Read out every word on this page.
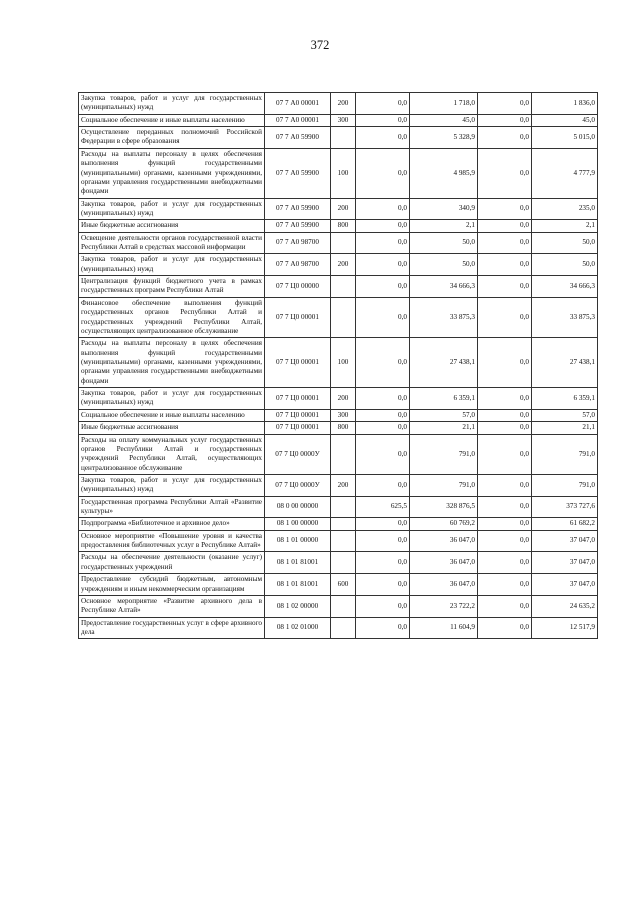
372
Закупка товаров, работ и услуг для государственных (муниципальных) нужд	07 7 А0 00001	200	0,0	1 718,0	0,0	1 836,0
Социальное обеспечение и иные выплаты населению	07 7 А0 00001	300	0,0	45,0	0,0	45,0
Осуществление переданных полномочий Российской Федерации в сфере образования	07 7 А0 59900		0,0	5 328,9	0,0	5 015,0
Расходы на выплаты персоналу в целях обеспечения выполнения функций государственными (муниципальными) органами, казенными учреждениями, органами управления государственными внебюджетными фондами	07 7 А0 59900	100	0,0	4 985,9	0,0	4 777,9
Закупка товаров, работ и услуг для государственных (муниципальных) нужд	07 7 А0 59900	200	0,0	340,9	0,0	235,0
Иные бюджетные ассигнования	07 7 А0 59900	800	0,0	2,1	0,0	2,1
Освещение деятельности органов государственной власти Республики Алтай в средствах массовой информации	07 7 А0 98700		0,0	50,0	0,0	50,0
Закупка товаров, работ и услуг для государственных (муниципальных) нужд	07 7 А0 98700	200	0,0	50,0	0,0	50,0
Централизация функций бюджетного учета в рамках государственных программ Республики Алтай	07 7 Ц0 00000		0,0	34 666,3	0,0	34 666,3
Финансовое обеспечение выполнения функций государственных органов Республики Алтай и государственных учреждений Республики Алтай, осуществляющих централизованное обслуживание	07 7 Ц0 00001		0,0	33 875,3	0,0	33 875,3
Расходы на выплаты персоналу в целях обеспечения выполнения функций государственными (муниципальными) органами, казенными учреждениями, органами управления государственными внебюджетными фондами	07 7 Ц0 00001	100	0,0	27 438,1	0,0	27 438,1
Закупка товаров, работ и услуг для государственных (муниципальных) нужд	07 7 Ц0 00001	200	0,0	6 359,1	0,0	6 359,1
Социальное обеспечение и иные выплаты населению	07 7 Ц0 00001	300	0,0	57,0	0,0	57,0
Иные бюджетные ассигнования	07 7 Ц0 00001	800	0,0	21,1	0,0	21,1
Расходы на оплату коммунальных услуг государственных органов Республики Алтай и государственных учреждений Республики Алтай, осуществляющих централизованное обслуживание	07 7 Ц0 0000У		0,0	791,0	0,0	791,0
Закупка товаров, работ и услуг для государственных (муниципальных) нужд	07 7 Ц0 0000У	200	0,0	791,0	0,0	791,0
Государственная программа Республики Алтай «Развитие культуры»	08 0 00 00000		625,5	328 876,5	0,0	373 727,6
Подпрограмма «Библиотечное и архивное дело»	08 1 00 00000		0,0	60 769,2	0,0	61 682,2
Основное мероприятие «Повышение уровня и качества предоставления библиотечных услуг в Республике Алтай»	08 1 01 00000		0,0	36 047,0	0,0	37 047,0
Расходы на обеспечение деятельности (оказание услуг) государственных учреждений	08 1 01 81001		0,0	36 047,0	0,0	37 047,0
Предоставление субсидий бюджетным, автономным учреждениям и иным некоммерческим организациям	08 1 01 81001	600	0,0	36 047,0	0,0	37 047,0
Основное мероприятие «Развитие архивного дела в Республике Алтай»	08 1 02 00000		0,0	23 722,2	0,0	24 635,2
Предоставление государственных услуг в сфере архивного дела	08 1 02 01000		0,0	11 604,9	0,0	12 517,9
